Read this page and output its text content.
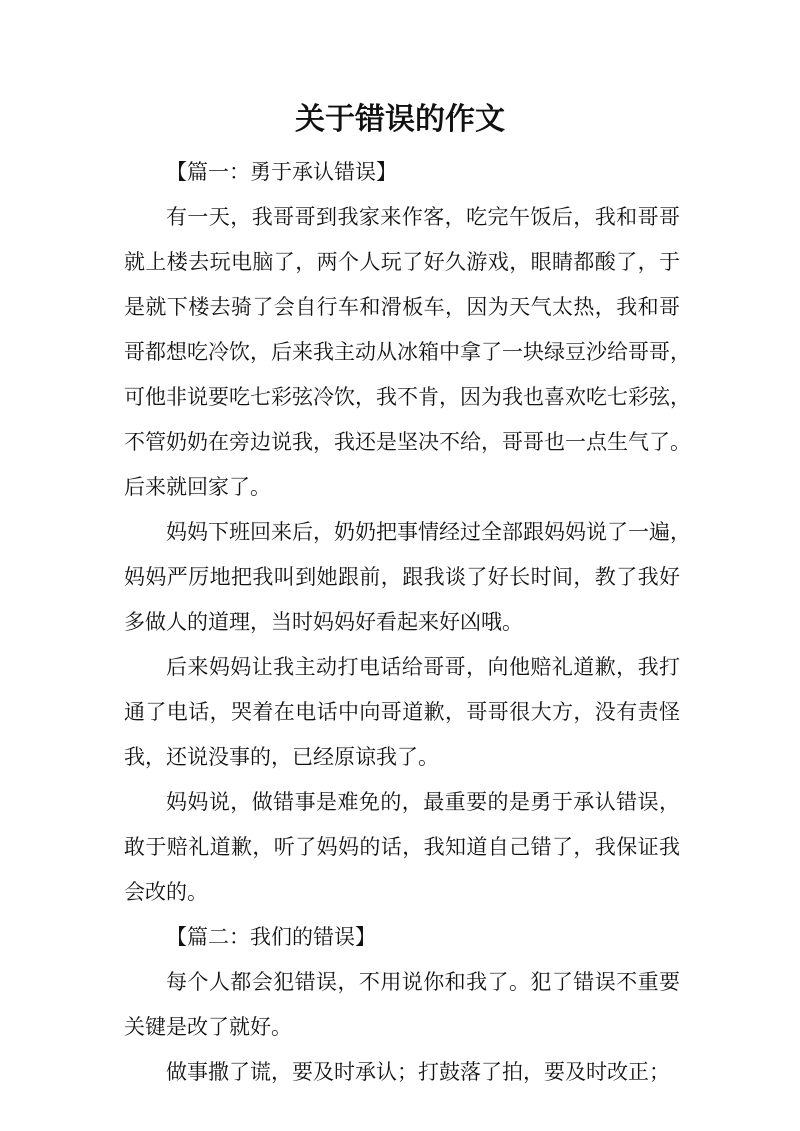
关于错误的作文

【篇一：勇于承认错误】

有一天，我哥哥到我家来作客，吃完午饭后，我和哥哥
就上楼去玩电脑了，两个人玩了好久游戏，眼睛都酸了，于
是就下楼去骑了会自行车和滑板车，因为天气太热，我和哥
哥都想吃冷饮，后来我主动从冰箱中拿了一块绿豆沙给哥哥，
可他非说要吃七彩弦冷饮，我不肯，因为我也喜欢吃七彩弦，
不管奶奶在旁边说我，我还是坚决不给，哥哥也一点生气了。
后来就回家了。

妈妈下班回来后，奶奶把事情经过全部跟妈妈说了一遍，
妈妈严厉地把我叫到她跟前，跟我谈了好长时间，教了我好
多做人的道理，当时妈妈好看起来好凶哦。

后来妈妈让我主动打电话给哥哥，向他赔礼道歉，我打
通了电话，哭着在电话中向哥道歉，哥哥很大方，没有责怪
我，还说没事的，已经原谅我了。

妈妈说，做错事是难免的，最重要的是勇于承认错误，
敢于赔礼道歉，听了妈妈的话，我知道自己错了，我保证我
会改的。

【篇二：我们的错误】

每个人都会犯错误，不用说你和我了。犯了错误不重要
关键是改了就好。

做事撒了谎，要及时承认；打鼓落了拍，要及时改正；
